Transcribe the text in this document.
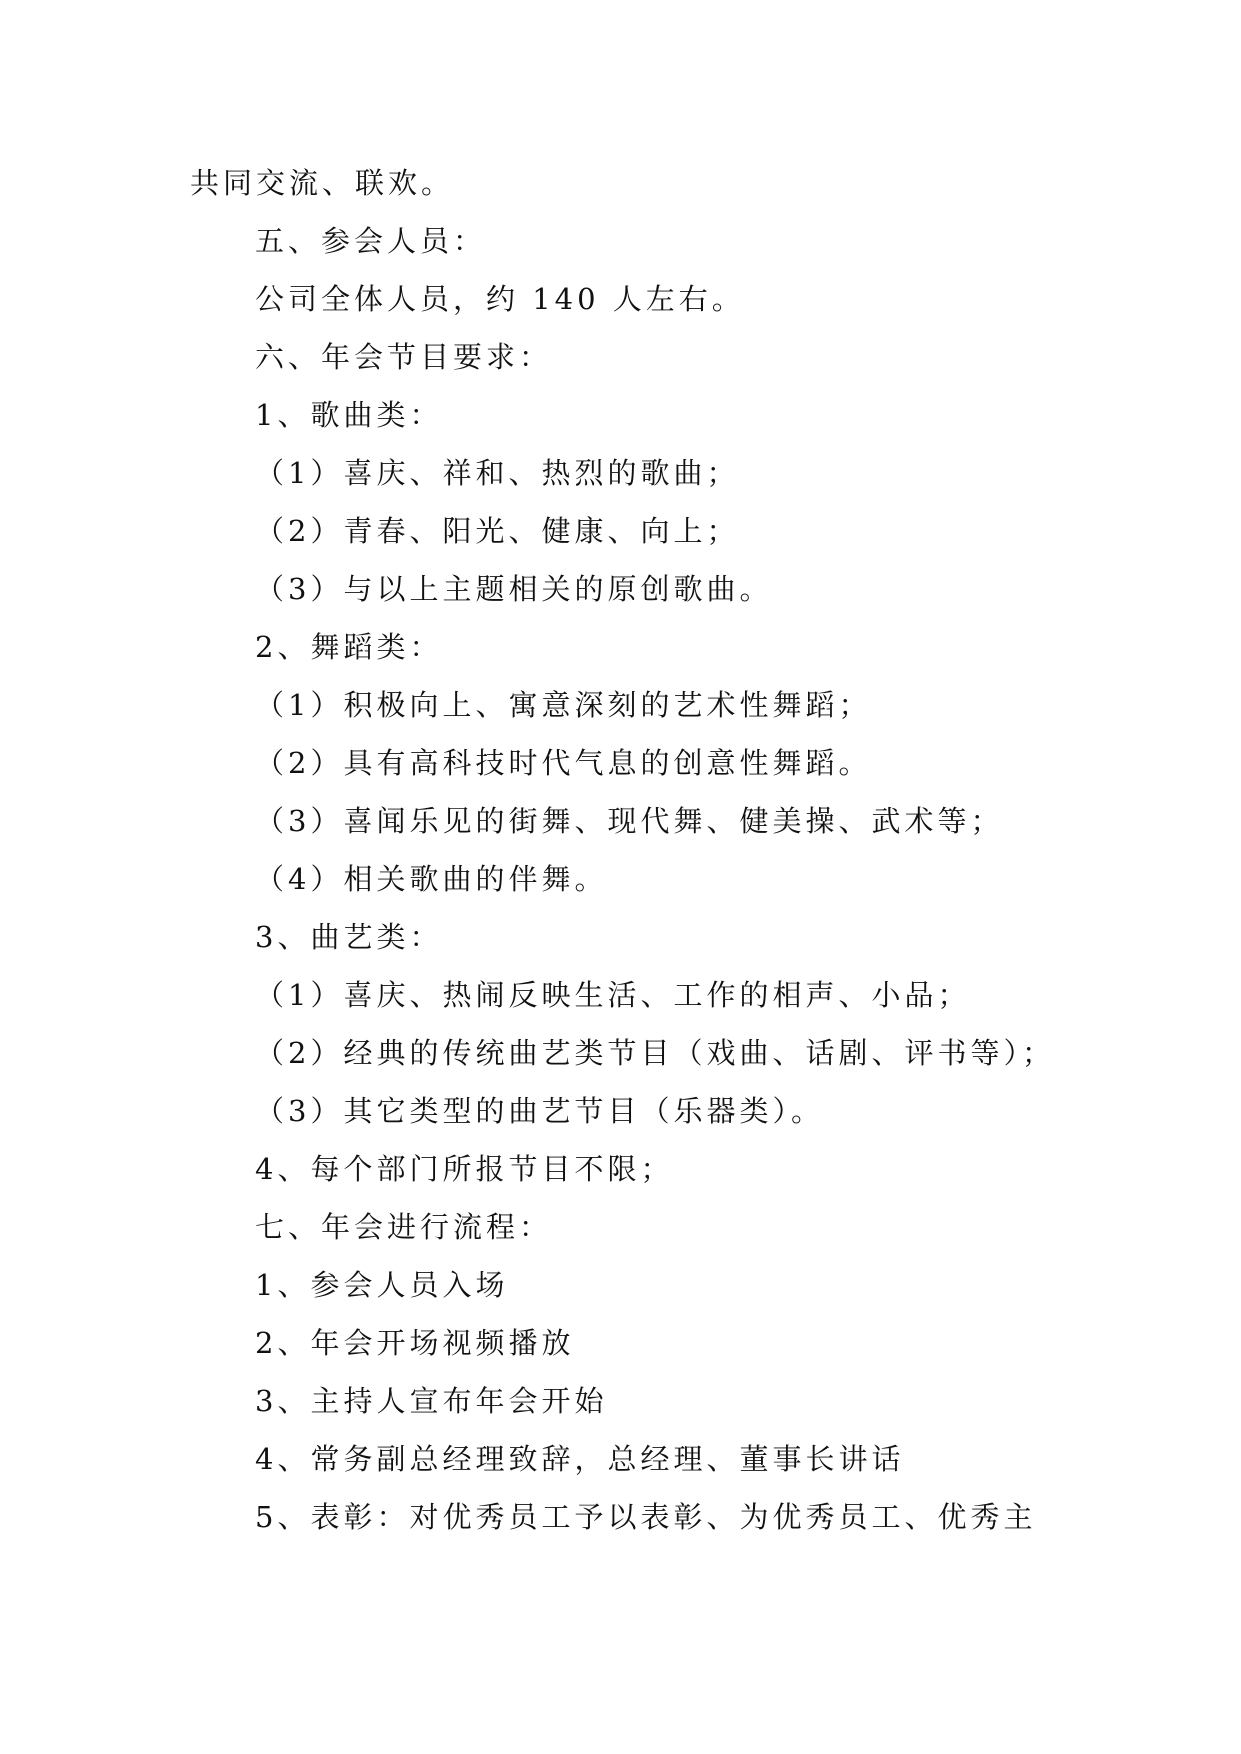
共同交流、联欢。
五、参会人员：
公司全体人员，约 140 人左右。
六、年会节目要求：
1、歌曲类：
（1）喜庆、祥和、热烈的歌曲；
（2）青春、阳光、健康、向上；
（3）与以上主题相关的原创歌曲。
2、舞蹈类：
（1）积极向上、寓意深刻的艺术性舞蹈；
（2）具有高科技时代气息的创意性舞蹈。
（3）喜闻乐见的街舞、现代舞、健美操、武术等；
（4）相关歌曲的伴舞。
3、曲艺类：
（1）喜庆、热闹反映生活、工作的相声、小品；
（2）经典的传统曲艺类节目（戏曲、话剧、评书等）；
（3）其它类型的曲艺节目（乐器类）。
4、每个部门所报节目不限；
七、年会进行流程：
1、参会人员入场
2、年会开场视频播放
3、主持人宣布年会开始
4、常务副总经理致辞，总经理、董事长讲话
5、表彰：对优秀员工予以表彰、为优秀员工、优秀主
